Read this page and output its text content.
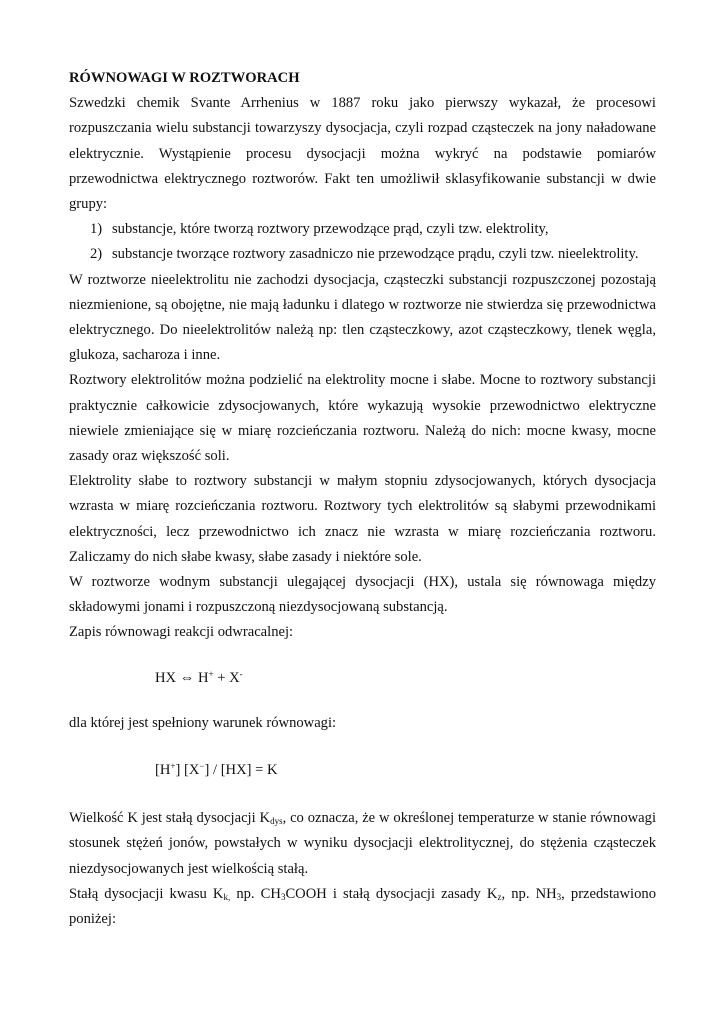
RÓWNOWAGI W ROZTWORACH

Szwedzki chemik Svante Arrhenius w 1887 roku jako pierwszy wykazał, że procesowi rozpuszczania wielu substancji towarzyszy dysocjacja, czyli rozpad cząsteczek na jony naładowane elektrycznie. Wystąpienie procesu dysocjacji można wykryć na podstawie pomiarów przewodnictwa elektrycznego roztworów. Fakt ten umożliwił sklasyfikowanie substancji w dwie grupy:

1) substancje, które tworzą roztwory przewodzące prąd, czyli tzw. elektrolity,
2) substancje tworzące roztwory zasadniczo nie przewodzące prądu, czyli tzw. nieelektrolity.

W roztworze nieelektrolitu nie zachodzi dysocjacja, cząsteczki substancji rozpuszczonej pozostają niezmienione, są obojętne, nie mają ładunku i dlatego w roztworze nie stwierdza się przewodnictwa elektrycznego. Do nieelektrolitów należą np: tlen cząsteczkowy, azot cząsteczkowy, tlenek węgla, glukoza, sacharoza i inne.

Roztwory elektrolitów można podzielić na elektrolity mocne i słabe. Mocne to roztwory substancji praktycznie całkowicie zdysocjowanych, które wykazują wysokie przewodnictwo elektryczne niewiele zmieniające się w miarę rozcieńczania roztworu. Należą do nich: mocne kwasy, mocne zasady oraz większość soli.

Elektrolity słabe to roztwory substancji w małym stopniu zdysocjowanych, których dysocjacja wzrasta w miarę rozcieńczania roztworu. Roztwory tych elektrolitów są słabymi przewodnikami elektryczności, lecz przewodnictwo ich znacz nie wzrasta w miarę rozcieńczania roztworu. Zaliczamy do nich słabe kwasy, słabe zasady i niektóre sole.

W roztworze wodnym substancji ulegającej dysocjacji (HX), ustala się równowaga między składowymi jonami i rozpuszczoną niezdysocjowaną substancją.

Zapis równowagi reakcji odwracalnej:

HX ⇔ H+ + X-

dla której jest spełniony warunek równowagi:

[H+] [X−] / [HX] = K

Wielkość K jest stałą dysocjacji $K_{dys}$, co oznacza, że w określonej temperaturze w stanie równowagi stosunek stężeń jonów, powstałych w wyniku dysocjacji elektrolitycznej, do stężenia cząsteczek niezdysocjowanych jest wielkością stałą.

Stałą dysocjacji kwasu $K_{k,}$ np. $CH_3COOH$ i stałą dysocjacji zasady $K_z$, np. $NH_3$, przedstawiono poniżej:
